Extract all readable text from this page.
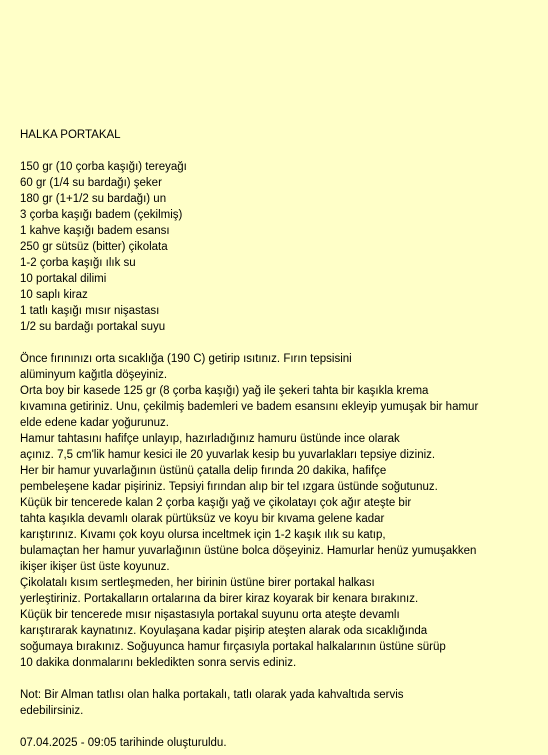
HALKA PORTAKAL
150 gr (10 çorba kaşığı) tereyağı
60 gr (1/4 su bardağı) şeker
180 gr (1+1/2 su bardağı) un
3 çorba kaşığı badem (çekilmiş)
1 kahve kaşığı badem esansı
250 gr sütsüz (bitter) çikolata
1-2 çorba kaşığı ılık su
10 portakal dilimi
10 saplı kiraz
1 tatlı kaşığı mısır nişastası
1/2 su bardağı portakal suyu
Önce fırınınızı orta sıcaklığa (190 C) getirip ısıtınız. Fırın tepsisini
alüminyum kağıtla döşeyiniz.
Orta boy bir kasede 125 gr (8 çorba kaşığı) yağ ile şekeri tahta bir kaşıkla krema
kıvamına getiriniz. Unu, çekilmiş bademleri ve badem esansını ekleyip yumuşak bir hamur
elde edene kadar yoğurunuz.
Hamur tahtasını hafifçe unlayıp, hazırladığınız hamuru üstünde ince olarak
açınız. 7,5 cm'lik hamur kesici ile 20 yuvarlak kesip bu yuvarlakları tepsiye diziniz.
Her bir hamur yuvarlağının üstünü çatalla delip fırında 20 dakika, hafifçe
pembeleşene kadar pişiriniz. Tepsiyi fırından alıp bir tel ızgara üstünde soğutunuz.
Küçük bir tencerede kalan 2 çorba kaşığı yağ ve çikolatayı çok ağır ateşte bir
tahta kaşıkla devamlı olarak pürtüksüz ve koyu bir kıvama gelene kadar
karıştırınız. Kıvamı çok koyu olursa inceltmek için 1-2 kaşık ılık su katıp,
bulamaçtan her hamur yuvarlağının üstüne bolca döşeyiniz. Hamurlar henüz yumuşakken
ikişer ikişer üst üste koyunuz.
Çikolatalı kısım sertleşmeden, her birinin üstüne birer portakal halkası
yerleştiriniz. Portakalların ortalarına da birer kiraz koyarak bir kenara bırakınız.
Küçük bir tencerede mısır nişastasıyla portakal suyunu orta ateşte devamlı
karıştırarak kaynatınız. Koyulaşana kadar pişirip ateşten alarak oda sıcaklığında
soğumaya bırakınız. Soğuyunca hamur fırçasıyla portakal halkalarının üstüne sürüp
10 dakika donmalarını bekledikten sonra servis ediniz.
Not: Bir Alman tatlısı olan halka portakalı, tatlı olarak yada kahvaltıda servis
edebilirsiniz.
07.04.2025 - 09:05 tarihinde oluşturuldu.
